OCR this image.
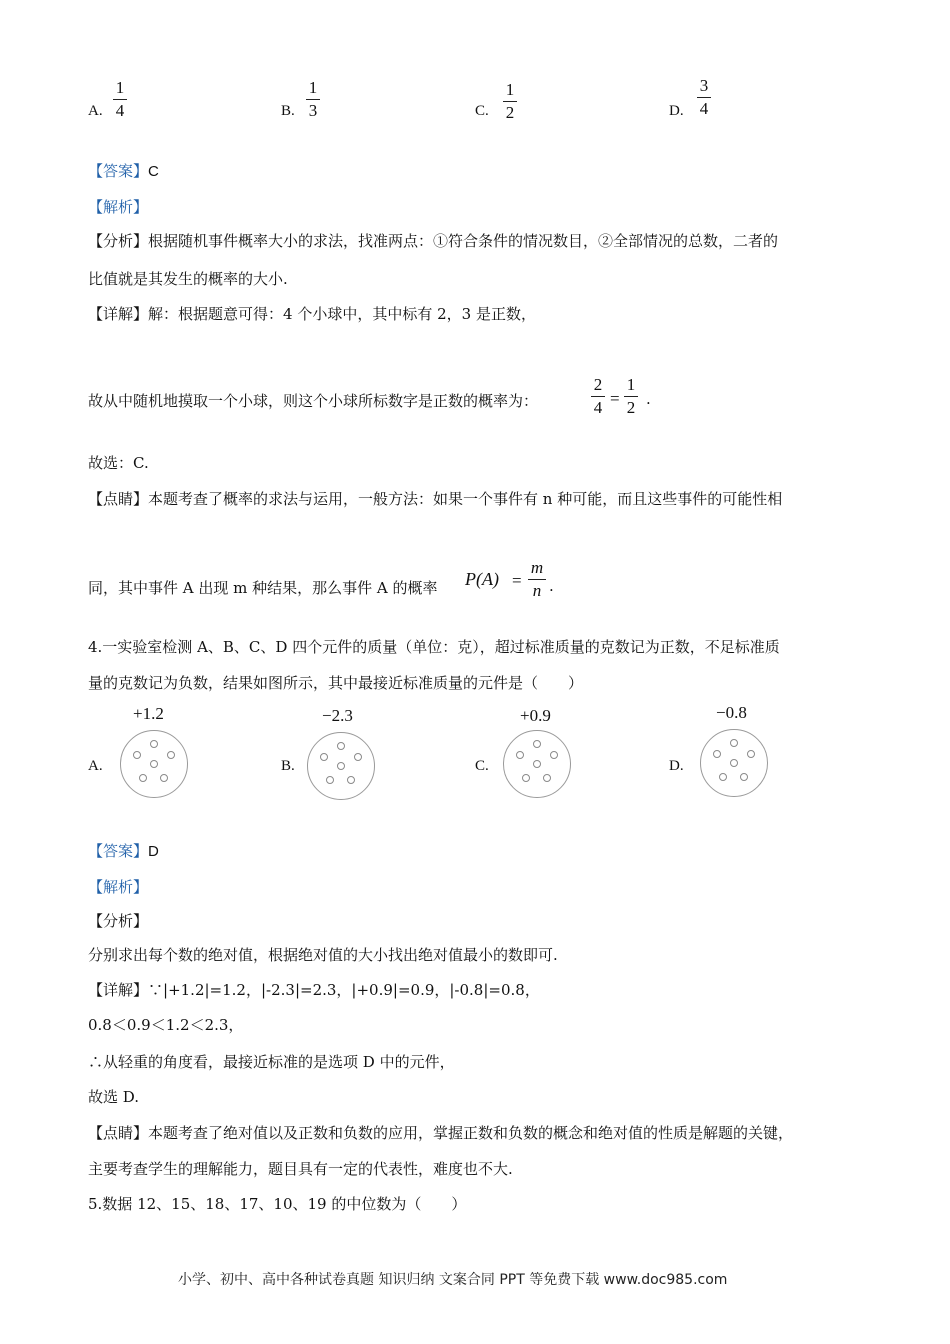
A.
1
4	B.
1
3	C.
1
2	D.
3
4
【答案】C
【解析】
【分析】根据随机事件概率大小的求法，找准两点：①符合条件的情况数目，②全部情况的总数，二者的
比值就是其发生的概率的大小.
【详解】解：根据题意可得：4 个小球中，其中标有 2，3 是正数，
故从中随机地摸取一个小球，则这个小球所标数字是正数的概率为：
2
4 =
1
2 .
故选：C.
【点睛】本题考查了概率的求法与运用，一般方法：如果一个事件有 n 种可能，而且这些事件的可能性相
同，其中事件 A 出现 m 种结果，那么事件 A 的概率 P(A) =
m
n .
4.一实验室检测 A、B、C、D 四个元件的质量（单位：克），超过标准质量的克数记为正数，不足标准质
量的克数记为负数，结果如图所示，其中最接近标准质量的元件是（　　）
A.
+1.2
B.
−2.3
C.
+0.9
D.
−0.8
【答案】D
【解析】
【分析】
分别求出每个数的绝对值，根据绝对值的大小找出绝对值最小的数即可.
【详解】∵|+1.2|=1.2，|-2.3|=2.3，|+0.9|=0.9，|-0.8|=0.8，
0.8＜0.9＜1.2＜2.3，
∴从轻重的角度看，最接近标准的是选项 D 中的元件，
故选 D.
【点睛】本题考查了绝对值以及正数和负数的应用，掌握正数和负数的概念和绝对值的性质是解题的关键，
主要考查学生的理解能力，题目具有一定的代表性，难度也不大.
5.数据 12、15、18、17、10、19 的中位数为（　　）
小学、初中、高中各种试卷真题 知识归纳 文案合同 PPT 等免费下载 www.doc985.com
